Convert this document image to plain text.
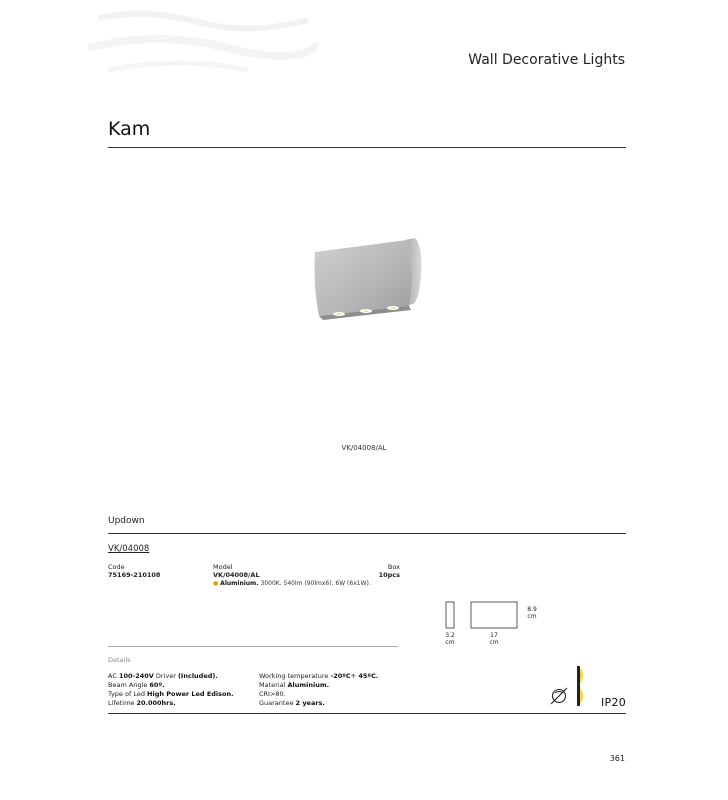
Wall Decorative Lights
Kam
VK/04008/AL
Updown
VK/04008
Code
75169-210108
Model
VK/04008/AL
Box
10pcs
● Aluminium. 3000K. 540lm (90lmx6). 6W (6x1W).
3.2
cm
17
cm
8.9
cm
Details
AC 100-240V Driver (Included).
Beam Angle 60º.
Type of Led High Power Led Edison.
Lifetime 20.000hrs.
Working temperature -20ºC÷ 45ºC.
Material Aluminium.
CRI>80.
Guarantee 2 years.	IP20
361
